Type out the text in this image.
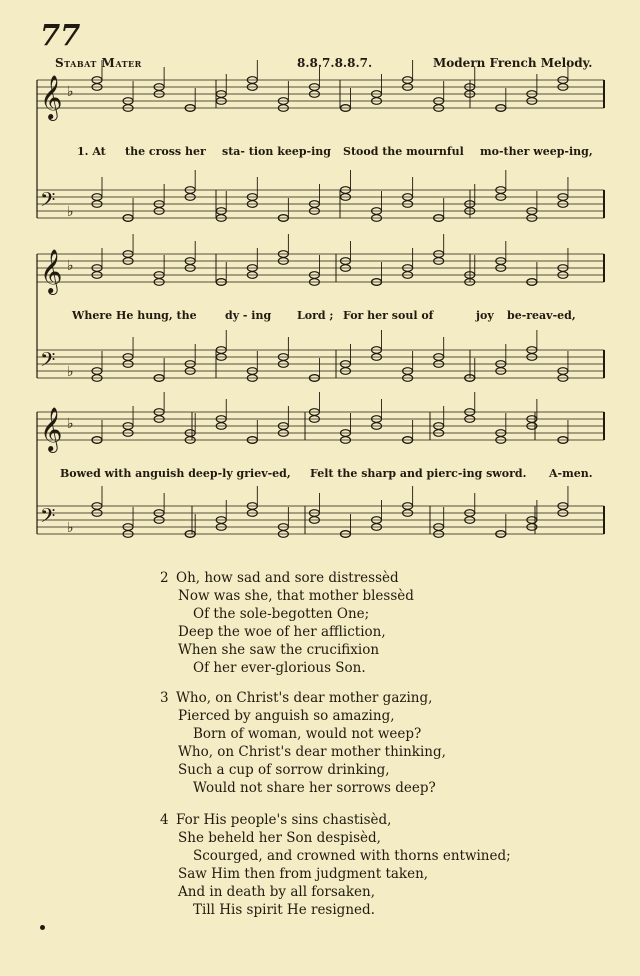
77
Stabat Mater	8.8.7.8.8.7.	Modern French Melody.
𝄞 ♭
𝄢 ♭
𝄞 ♭
𝄢 ♭
𝄞 ♭
𝄢 ♭
1. At the cross her sta- tion keep-ing Stood the mournful mo-ther weep-ing,
Where He hung, the	dy - ing Lord ; For her soul of	joy be-reav-ed,
Bowed with anguish deep-ly griev-ed, Felt the sharp and pierc-ing sword. A-men.
2 Oh, how sad and sore distressèd
Now was she, that mother blessèd
Of the sole-begotten One;
Deep the woe of her affliction,
When she saw the crucifixion
Of her ever-glorious Son.
3 Who, on Christ's dear mother gazing,
Pierced by anguish so amazing,
Born of woman, would not weep?
Who, on Christ's dear mother thinking,
Such a cup of sorrow drinking,
Would not share her sorrows deep?
4 For His people's sins chastisèd,
She beheld her Son despisèd,
Scourged, and crowned with thorns entwined;
Saw Him then from judgment taken,
And in death by all forsaken,
Till His spirit He resigned.
